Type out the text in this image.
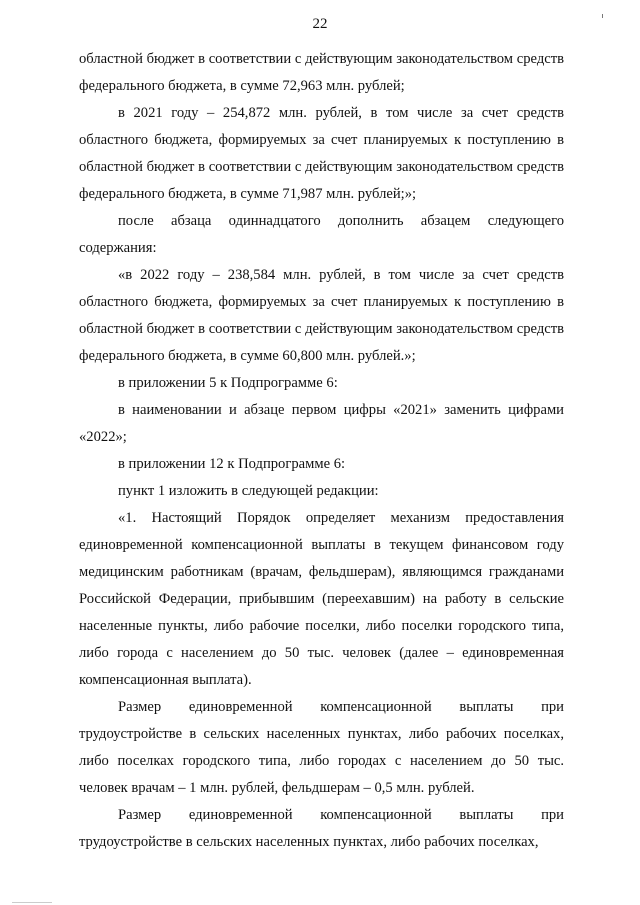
22

областной бюджет в соответствии с действующим законодательством средств федерального бюджета, в сумме 72,963 млн. рублей;

в 2021 году – 254,872 млн. рублей, в том числе за счет средств областного бюджета, формируемых за счет планируемых к поступлению в областной бюджет в соответствии с действующим законодательством средств федерального бюджета, в сумме 71,987 млн. рублей;»;

после абзаца одиннадцатого дополнить абзацем следующего содержания:

«в 2022 году – 238,584 млн. рублей, в том числе за счет средств областного бюджета, формируемых за счет планируемых к поступлению в областной бюджет в соответствии с действующим законодательством средств федерального бюджета, в сумме 60,800 млн. рублей.»;

в приложении 5 к Подпрограмме 6:

в наименовании и абзаце первом цифры «2021» заменить цифрами «2022»;

в приложении 12 к Подпрограмме 6:

пункт 1 изложить в следующей редакции:

«1. Настоящий Порядок определяет механизм предоставления единовременной компенсационной выплаты в текущем финансовом году медицинским работникам (врачам, фельдшерам), являющимся гражданами Российской Федерации, прибывшим (переехавшим) на работу в сельские населенные пункты, либо рабочие поселки, либо поселки городского типа, либо города с населением до 50 тыс. человек (далее – единовременная компенсационная выплата).

Размер единовременной компенсационной выплаты при трудоустройстве в сельских населенных пунктах, либо рабочих поселках, либо поселках городского типа, либо городах с населением до 50 тыс. человек врачам – 1 млн. рублей, фельдшерам – 0,5 млн. рублей.

Размер единовременной компенсационной выплаты при трудоустройстве в сельских населенных пунктах, либо рабочих поселках,
